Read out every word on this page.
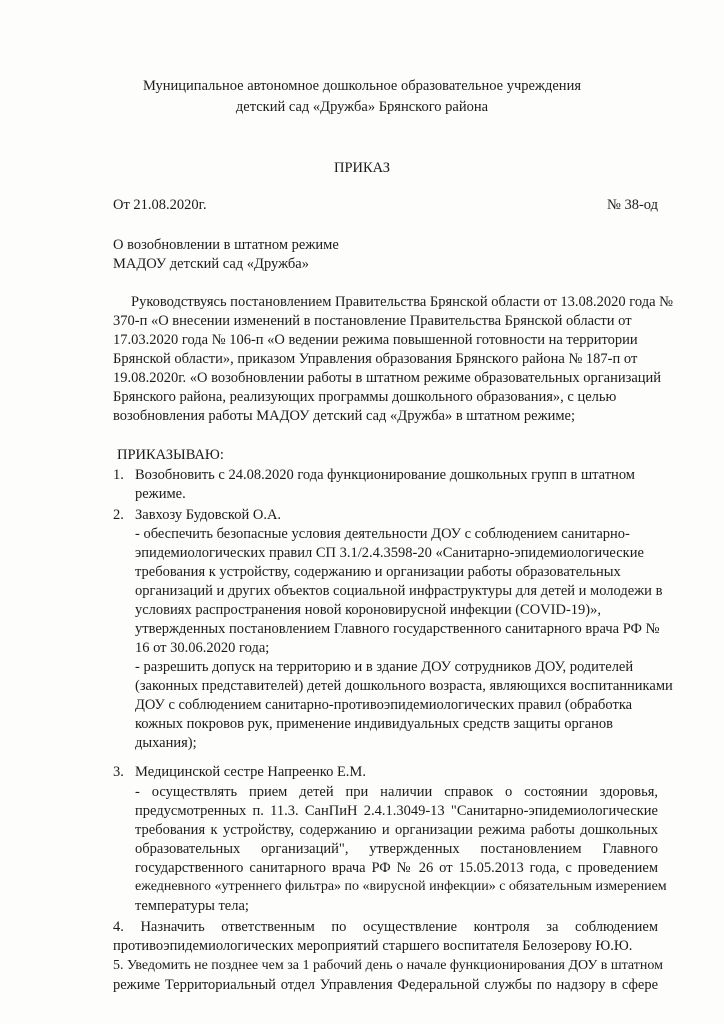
Муниципальное автономное дошкольное образовательное учреждения
детский сад «Дружба» Брянского района
ПРИКАЗ
От 21.08.2020г.	№ 38-од
О возобновлении в штатном режиме
МАДОУ детский сад «Дружба»
Руководствуясь постановлением Правительства Брянской области от 13.08.2020 года №
370-п «О внесении изменений в постановление Правительства Брянской области от
17.03.2020 года № 106-п «О ведении режима повышенной готовности на территории
Брянской области», приказом Управления образования Брянского района № 187-п от
19.08.2020г. «О возобновлении работы в штатном режиме образовательных организаций
Брянского района, реализующих программы дошкольного образования», с целью
возобновления работы МАДОУ детский сад «Дружба» в штатном режиме;
ПРИКАЗЫВАЮ:
1. Возобновить с 24.08.2020 года функционирование дошкольных групп в штатном
режиме.
2. Завхозу Будовской О.А.
- обеспечить безопасные условия деятельности ДОУ с соблюдением санитарно-
эпидемиологических правил СП 3.1/2.4.3598-20 «Санитарно-эпидемиологические
требования к устройству, содержанию и организации работы образовательных
организаций и других объектов социальной инфраструктуры для детей и молодежи в
условиях распространения новой короновирусной инфекции (COVID-19)»,
утвержденных постановлением Главного государственного санитарного врача РФ №
16 от 30.06.2020 года;
- разрешить допуск на территорию и в здание ДОУ сотрудников ДОУ, родителей
(законных представителей) детей дошкольного возраста, являющихся воспитанниками
ДОУ с соблюдением санитарно-противоэпидемиологических правил (обработка
кожных покровов рук, применение индивидуальных средств защиты органов
дыхания);
3. Медицинской сестре Напреенко Е.М.
- осуществлять прием детей при наличии справок о состоянии здоровья,
предусмотренных п. 11.3. СанПиН 2.4.1.3049-13 "Санитарно-эпидемиологические
требования к устройству, содержанию и организации режима работы дошкольных
образовательных организаций", утвержденных постановлением Главного
государственного санитарного врача РФ № 26 от 15.05.2013 года, с проведением
ежедневного «утреннего фильтра» по «вирусной инфекции» с обязательным измерением
температуры тела;
4. Назначить ответственным по осуществление контроля за соблюдением
противоэпидемиологических мероприятий старшего воспитателя Белозерову Ю.Ю.
5. Уведомить не позднее чем за 1 рабочий день о начале функционирования ДОУ в штатном
режиме Территориальный отдел Управления Федеральной службы по надзору в сфере
